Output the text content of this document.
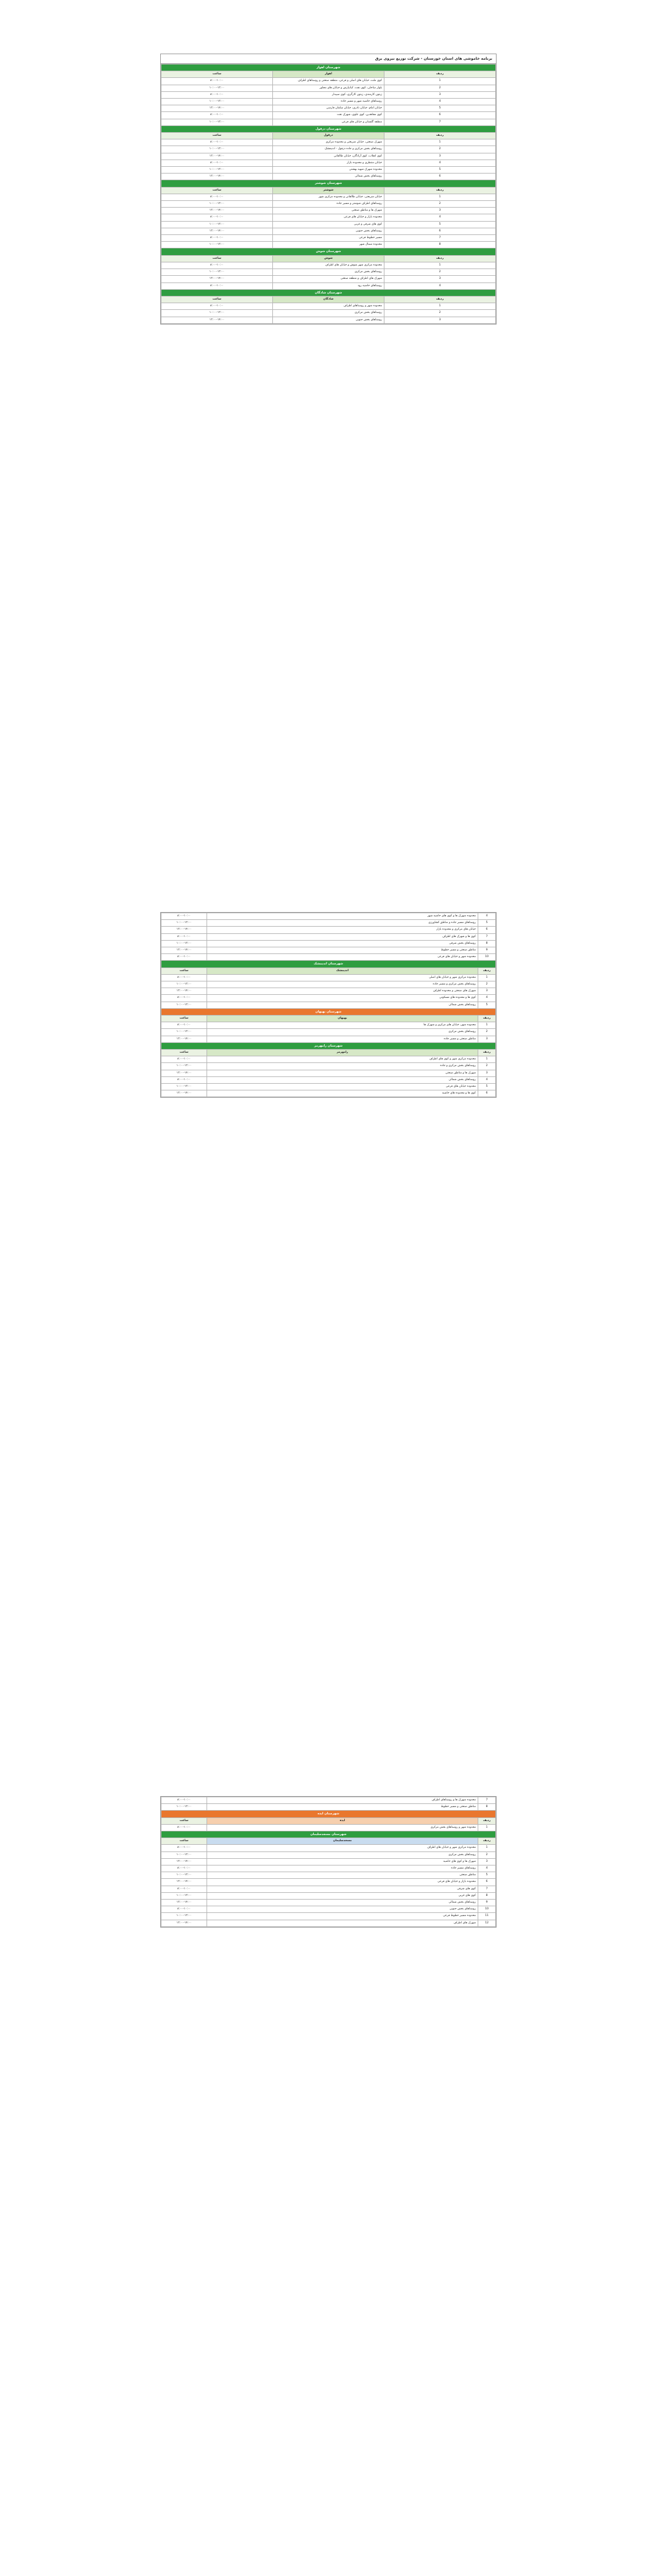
برنامه خاموشی های استان خوزستان - شرکت توزیع نیروی برق
شهرستان اهواز		
ردیف	اهواز	ساعت
1	کوی ملت، خیابان های اصلی و فرعی، منطقه صنعتی و روستاهای اطراف	۸:۰۰-۱۰:۰۰
2	بلوار ساحلی، کوی نفت، کیانپارس و خیابان های مجاور	۱۰:۰۰-۱۲:۰۰
3	زیتون کارمندی، زیتون کارگری، کوی سپیدار	۸:۰۰-۱۰:۰۰
4	روستاهای حاشیه شهر و مسیر جاده	۱۰:۰۰-۱۲:۰۰
5	خیابان امام، خیابان نادری، خیابان سلمان فارسی	۱۲:۰۰-۱۴:۰۰
6	کوی مجاهدین، کوی علوی، شهرک نفت	۸:۰۰-۱۰:۰۰
7	منطقه گلستان و خیابان های فرعی	۱۰:۰۰-۱۲:۰۰
شهرستان دزفول		
ردیف	دزفول	ساعت
1	شهرک صنعتی، خیابان شریعتی و محدوده مرکزی	۸:۰۰-۱۰:۰۰
2	روستاهای بخش مرکزی و جاده دزفول - اندیمشک	۱۰:۰۰-۱۲:۰۰
3	کوی انقلاب، کوی آزادگان، خیابان طالقانی	۱۲:۰۰-۱۴:۰۰
4	خیابان منتظری و محدوده بازار	۸:۰۰-۱۰:۰۰
5	محدوده شهرک شهید بهشتی	۱۰:۰۰-۱۲:۰۰
6	روستاهای بخش شمالی	۱۲:۰۰-۱۴:۰۰
شهرستان شوشتر		
ردیف	شوشتر	ساعت
1	خیابان شریعتی، خیابان طالقانی و محدوده مرکزی شهر	۸:۰۰-۱۰:۰۰
2	روستاهای اطراف شوشتر و مسیر جاده	۱۰:۰۰-۱۲:۰۰
3	شهرک ها و مناطق صنعتی	۱۲:۰۰-۱۴:۰۰
4	محدوده بازار و خیابان های فرعی	۸:۰۰-۱۰:۰۰
5	کوی های شرقی و غربی	۱۰:۰۰-۱۲:۰۰
6	روستاهای بخش جنوبی	۱۲:۰۰-۱۴:۰۰
7	مسیر خطوط فرعی	۸:۰۰-۱۰:۰۰
8	محدوده شمال شهر	۱۰:۰۰-۱۲:۰۰
شهرستان شوش		
ردیف	شوش	ساعت
1	محدوده مرکزی شهر شوش و خیابان های اطراف	۸:۰۰-۱۰:۰۰
2	روستاهای بخش مرکزی	۱۰:۰۰-۱۲:۰۰
3	شهرک های اطراف و منطقه صنعتی	۱۲:۰۰-۱۴:۰۰
4	روستاهای حاشیه رود	۸:۰۰-۱۰:۰۰
شهرستان شادگان		
ردیف	شادگان	ساعت
1	محدوده شهر و روستاهای اطراف	۸:۰۰-۱۰:۰۰
2	روستاهای بخش مرکزی	۱۰:۰۰-۱۲:۰۰
3	روستاهای بخش جنوبی	۱۲:۰۰-۱۴:۰۰
4	محدوده شهرک ها و کوی های حاشیه شهر	۸:۰۰-۱۰:۰۰
5	روستاهای مسیر جاده و مناطق کشاورزی	۱۰:۰۰-۱۲:۰۰
6	خیابان های مرکزی و محدوده بازار	۱۲:۰۰-۱۴:۰۰
7	کوی ها و شهرک های اطراف	۸:۰۰-۱۰:۰۰
8	روستاهای بخش شرقی	۱۰:۰۰-۱۲:۰۰
9	مناطق صنعتی و مسیر خطوط	۱۲:۰۰-۱۴:۰۰
10	محدوده شهر و خیابان های فرعی	۸:۰۰-۱۰:۰۰
شهرستان اندیمشک		
ردیف	اندیمشک	ساعت
1	محدوده مرکزی شهر و خیابان های اصلی	۸:۰۰-۱۰:۰۰
2	روستاهای بخش مرکزی و مسیر جاده	۱۰:۰۰-۱۲:۰۰
3	شهرک های صنعتی و محدوده اطراف	۱۲:۰۰-۱۴:۰۰
4	کوی ها و محدوده های مسکونی	۸:۰۰-۱۰:۰۰
5	روستاهای بخش شمالی	۱۰:۰۰-۱۲:۰۰
شهرستان بهبهان		
ردیف	بهبهان	ساعت
1	محدوده شهر، خیابان های مرکزی و شهرک ها	۸:۰۰-۱۰:۰۰
2	روستاهای بخش مرکزی	۱۰:۰۰-۱۲:۰۰
3	مناطق صنعتی و مسیر جاده	۱۲:۰۰-۱۴:۰۰
شهرستان رامهرمز		
ردیف	رامهرمز	ساعت
1	محدوده مرکزی شهر و کوی های اطراف	۸:۰۰-۱۰:۰۰
2	روستاهای بخش مرکزی و جاده	۱۰:۰۰-۱۲:۰۰
3	شهرک ها و مناطق صنعتی	۱۲:۰۰-۱۴:۰۰
4	روستاهای بخش شمالی	۸:۰۰-۱۰:۰۰
5	محدوده خیابان های فرعی	۱۰:۰۰-۱۲:۰۰
6	کوی ها و محدوده های حاشیه	۱۲:۰۰-۱۴:۰۰
7	محدوده شهرک ها و روستاهای اطراف	۸:۰۰-۱۰:۰۰
8	مناطق صنعتی و مسیر خطوط	۱۰:۰۰-۱۲:۰۰
شهرستان ایذه		
ردیف	ایذه	ساعت
1	محدوده شهر و روستاهای بخش مرکزی	۸:۰۰-۱۰:۰۰
شهرستان مسجدسلیمان		
ردیف	مسجدسلیمان	ساعت
1	محدوده مرکزی شهر و خیابان های اطراف	۸:۰۰-۱۰:۰۰
2	روستاهای بخش مرکزی	۱۰:۰۰-۱۲:۰۰
3	شهرک ها و کوی های حاشیه	۱۲:۰۰-۱۴:۰۰
4	روستاهای مسیر جاده	۸:۰۰-۱۰:۰۰
5	مناطق صنعتی	۱۰:۰۰-۱۲:۰۰
6	محدوده بازار و خیابان های فرعی	۱۲:۰۰-۱۴:۰۰
7	کوی های شرقی	۸:۰۰-۱۰:۰۰
8	کوی های غربی	۱۰:۰۰-۱۲:۰۰
9	روستاهای بخش شمالی	۱۲:۰۰-۱۴:۰۰
10	روستاهای بخش جنوبی	۸:۰۰-۱۰:۰۰
11	محدوده مسیر خطوط فرعی	۱۰:۰۰-۱۲:۰۰
12	شهرک های اطراف	۱۲:۰۰-۱۴:۰۰
